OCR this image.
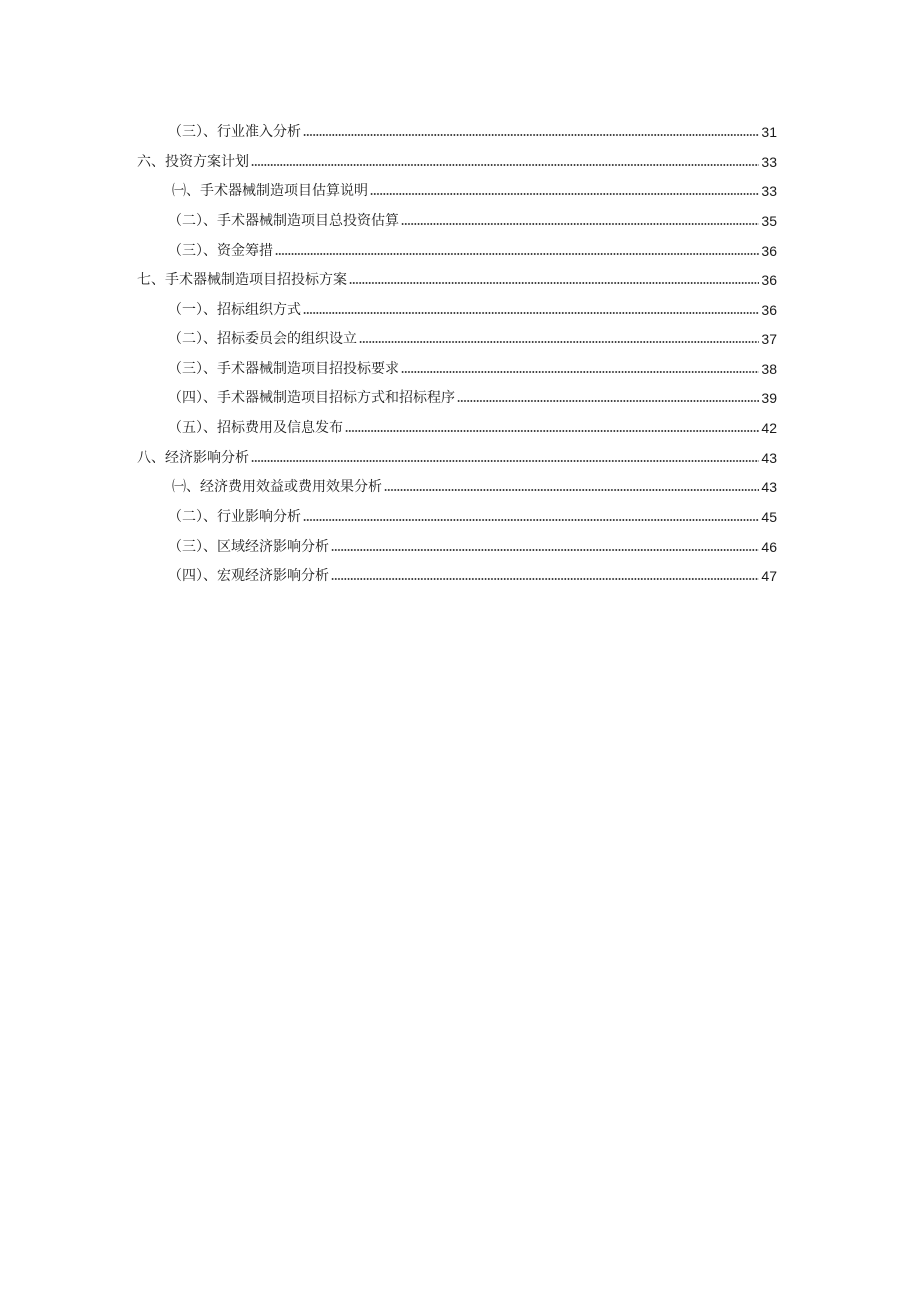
（三）、行业准入分析	31
六、投资方案计划	33
㈠、手术器械制造项目估算说明	33
（二）、手术器械制造项目总投资估算	35
（三）、资金筹措	36
七、手术器械制造项目招投标方案	36
（一）、招标组织方式	36
（二）、招标委员会的组织设立	37
（三）、手术器械制造项目招投标要求	38
（四）、手术器械制造项目招标方式和招标程序	39
（五）、招标费用及信息发布	42
八、经济影响分析	43
㈠、经济费用效益或费用效果分析	43
（二）、行业影响分析	45
（三）、区域经济影响分析	46
（四）、宏观经济影响分析	47
